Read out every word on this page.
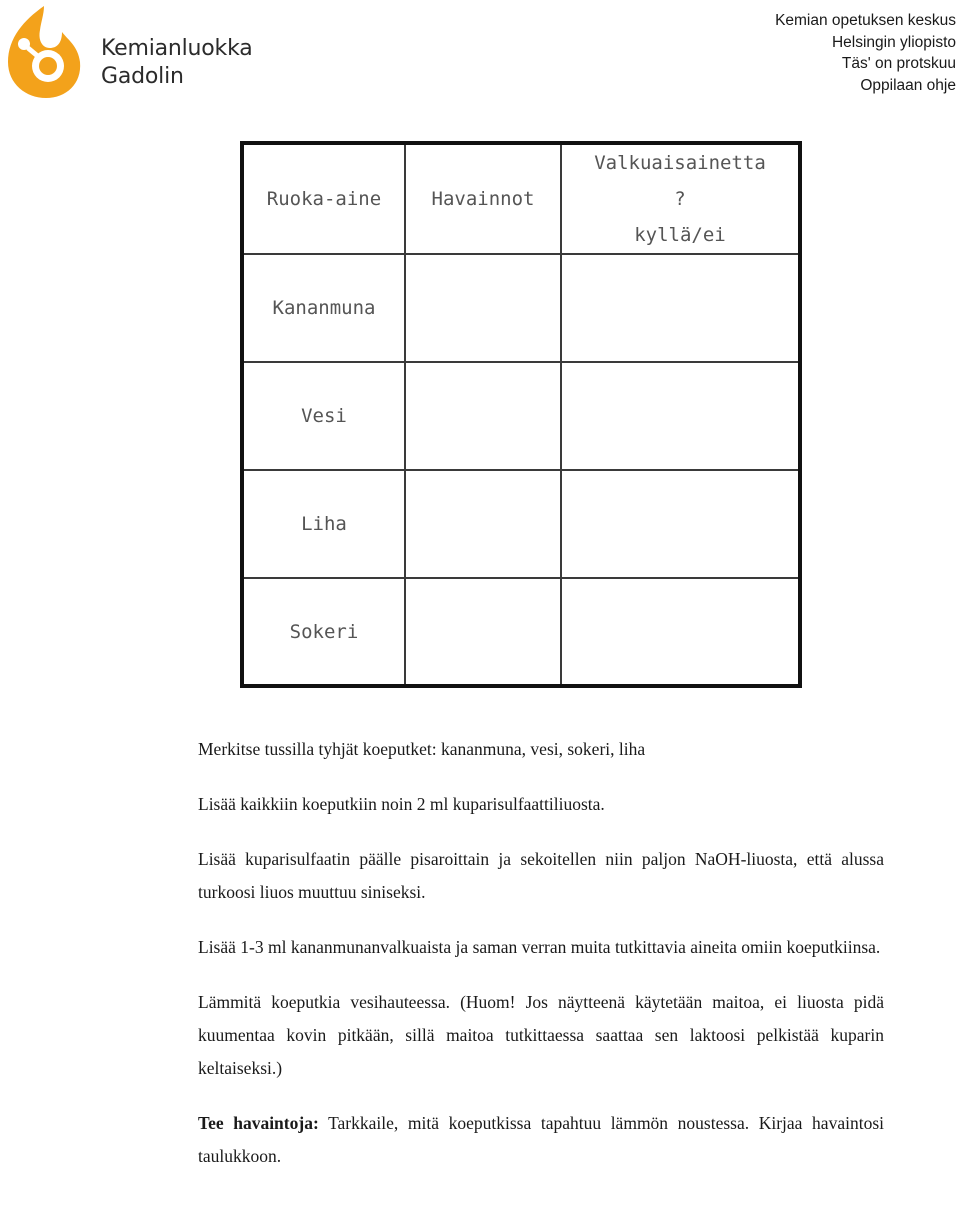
Kemianluokka
Gadolin
Kemian opetuksen keskus
Helsingin yliopisto
Täs' on protskuu
Oppilaan ohje
Ruoka-aine	Havainnot	Valkuaisainetta
?
kyllä/ei

Kananmuna		
Vesi		
Liha		
Sokeri		

Merkitse tussilla tyhjät koeputket: kananmuna, vesi, sokeri, liha

Lisää kaikkiin koeputkiin noin 2 ml kuparisulfaattiliuosta.

Lisää kuparisulfaatin päälle pisaroittain ja sekoitellen niin paljon NaOH-liuosta, että alussa turkoosi liuos muuttuu siniseksi.

Lisää 1-3 ml kananmunanvalkuaista ja saman verran muita tutkittavia aineita omiin koeputkiinsa.

Lämmitä koeputkia vesihauteessa. (Huom! Jos näytteenä käytetään maitoa, ei liuosta pidä kuumentaa kovin pitkään, sillä maitoa tutkittaessa saattaa sen laktoosi pelkistää kuparin keltaiseksi.)

Tee havaintoja: Tarkkaile, mitä koeputkissa tapahtuu lämmön noustessa. Kirjaa havaintosi taulukkoon.
